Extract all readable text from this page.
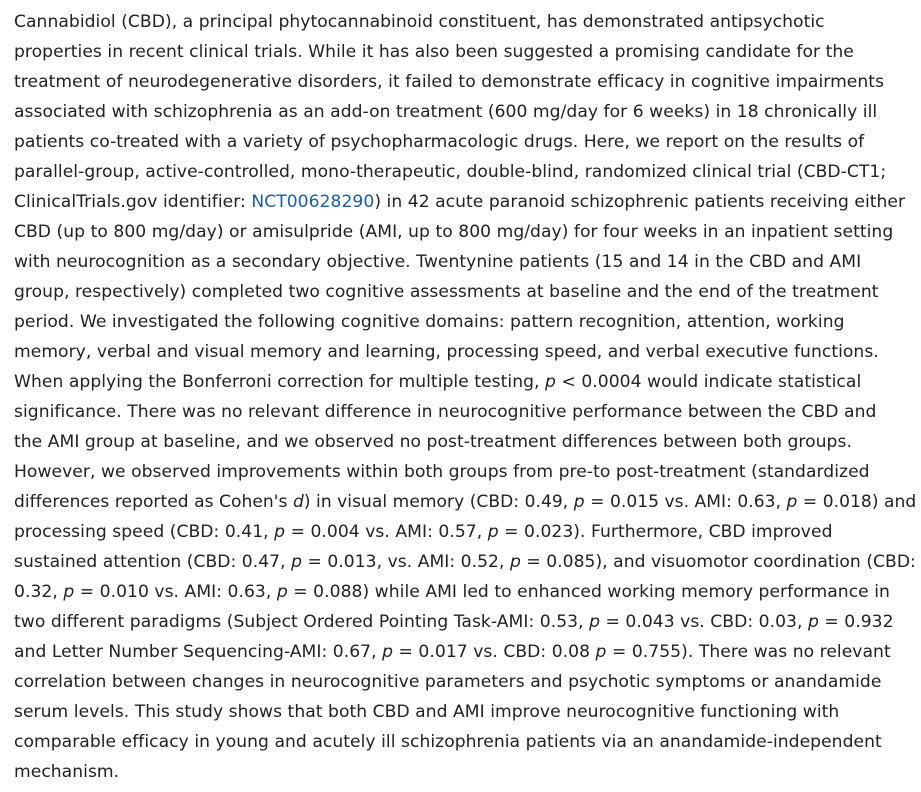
Cannabidiol (CBD), a principal phytocannabinoid constituent, has demonstrated antipsychotic
properties in recent clinical trials. While it has also been suggested a promising candidate for the
treatment of neurodegenerative disorders, it failed to demonstrate efficacy in cognitive impairments
associated with schizophrenia as an add-on treatment (600 mg/day for 6 weeks) in 18 chronically ill
patients co-treated with a variety of psychopharmacologic drugs. Here, we report on the results of
parallel-group, active-controlled, mono-therapeutic, double-blind, randomized clinical trial (CBD-CT1;
ClinicalTrials.gov identifier: NCT00628290) in 42 acute paranoid schizophrenic patients receiving either
CBD (up to 800 mg/day) or amisulpride (AMI, up to 800 mg/day) for four weeks in an inpatient setting
with neurocognition as a secondary objective. Twentynine patients (15 and 14 in the CBD and AMI
group, respectively) completed two cognitive assessments at baseline and the end of the treatment
period. We investigated the following cognitive domains: pattern recognition, attention, working
memory, verbal and visual memory and learning, processing speed, and verbal executive functions.
When applying the Bonferroni correction for multiple testing, p < 0.0004 would indicate statistical
significance. There was no relevant difference in neurocognitive performance between the CBD and
the AMI group at baseline, and we observed no post-treatment differences between both groups.
However, we observed improvements within both groups from pre-to post-treatment (standardized
differences reported as Cohen's d) in visual memory (CBD: 0.49, p = 0.015 vs. AMI: 0.63, p = 0.018) and
processing speed (CBD: 0.41, p = 0.004 vs. AMI: 0.57, p = 0.023). Furthermore, CBD improved
sustained attention (CBD: 0.47, p = 0.013, vs. AMI: 0.52, p = 0.085), and visuomotor coordination (CBD:
0.32, p = 0.010 vs. AMI: 0.63, p = 0.088) while AMI led to enhanced working memory performance in
two different paradigms (Subject Ordered Pointing Task-AMI: 0.53, p = 0.043 vs. CBD: 0.03, p = 0.932
and Letter Number Sequencing-AMI: 0.67, p = 0.017 vs. CBD: 0.08 p = 0.755). There was no relevant
correlation between changes in neurocognitive parameters and psychotic symptoms or anandamide
serum levels. This study shows that both CBD and AMI improve neurocognitive functioning with
comparable efficacy in young and acutely ill schizophrenia patients via an anandamide-independent
mechanism.
